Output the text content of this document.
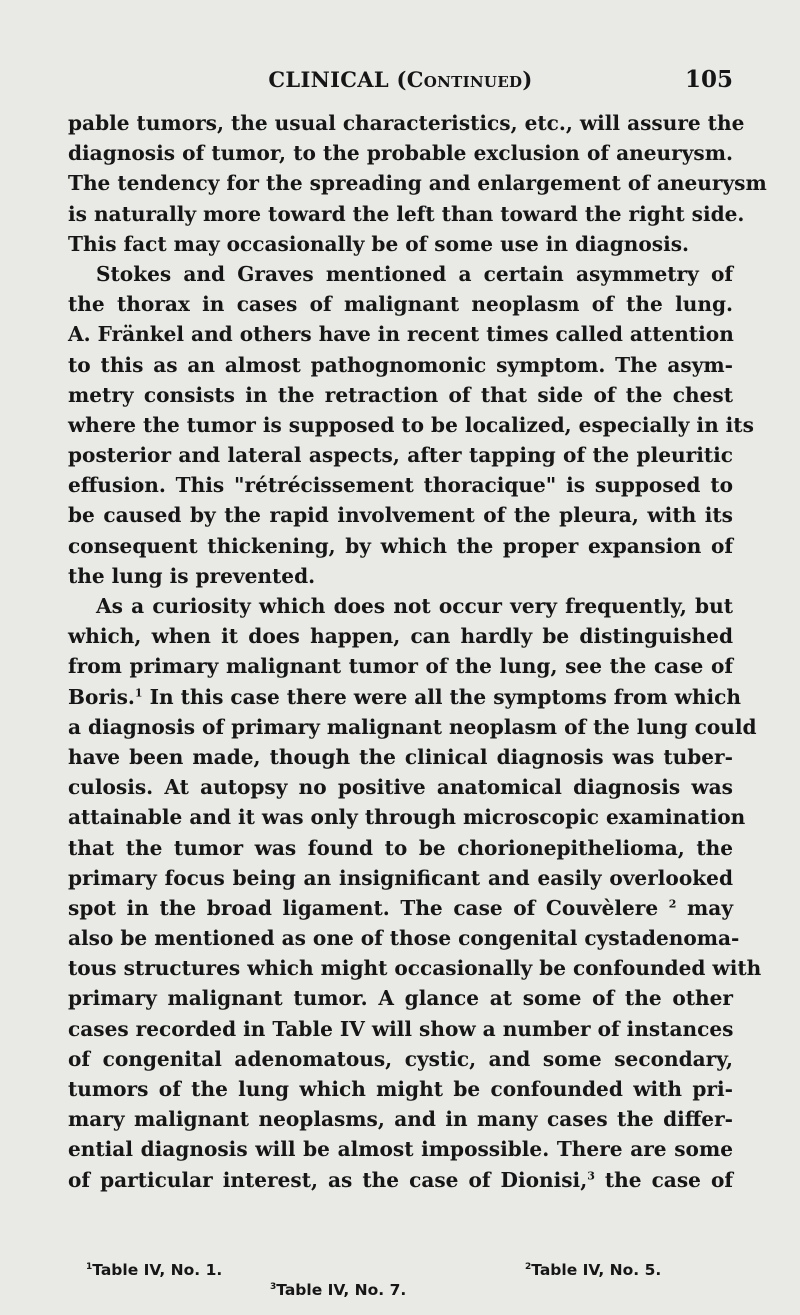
CLINICAL (Continued)	105
pable tumors, the usual characteristics, etc., will assure the
diagnosis of tumor, to the probable exclusion of aneurysm.
The tendency for the spreading and enlargement of aneurysm
is naturally more toward the left than toward the right side.
This fact may occasionally be of some use in diagnosis.
Stokes and Graves mentioned a certain asymmetry of
the thorax in cases of malignant neoplasm of the lung.
A. Fränkel and others have in recent times called attention
to this as an almost pathognomonic symptom. The asym-
metry consists in the retraction of that side of the chest
where the tumor is supposed to be localized, especially in its
posterior and lateral aspects, after tapping of the pleuritic
effusion. This "rétrécissement thoracique" is supposed to
be caused by the rapid involvement of the pleura, with its
consequent thickening, by which the proper expansion of
the lung is prevented.
As a curiosity which does not occur very frequently, but
which, when it does happen, can hardly be distinguished
from primary malignant tumor of the lung, see the case of
Boris.$^1$ In this case there were all the symptoms from which
a diagnosis of primary malignant neoplasm of the lung could
have been made, though the clinical diagnosis was tuber-
culosis. At autopsy no positive anatomical diagnosis was
attainable and it was only through microscopic examination
that the tumor was found to be chorionepithelioma, the
primary focus being an insignificant and easily overlooked
spot in the broad ligament. The case of Couvèlere $^2$ may
also be mentioned as one of those congenital cystadenoma-
tous structures which might occasionally be confounded with
primary malignant tumor. A glance at some of the other
cases recorded in Table IV will show a number of instances
of congenital adenomatous, cystic, and some secondary,
tumors of the lung which might be confounded with pri-
mary malignant neoplasms, and in many cases the differ-
ential diagnosis will be almost impossible. There are some
of particular interest, as the case of Dionisi,$^3$ the case of
$^1$Table IV, No. 1.	$^2$Table IV, No. 5.
$^3$Table IV, No. 7.
